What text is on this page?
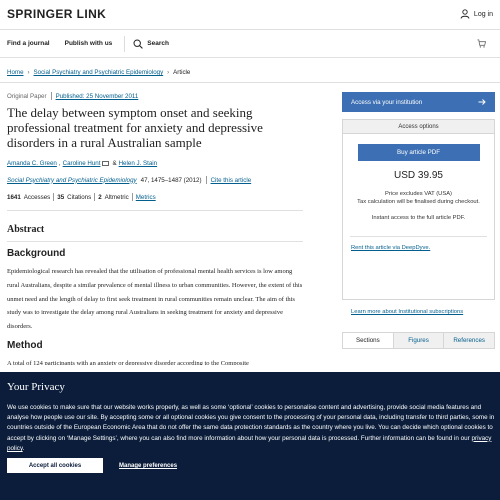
SPRINGER LINK	Log in
Find a journal Publish with us	Search
Home › Social Psychiatry and Psychiatric Epidemiology › Article
Original Paper Published: 25 November 2011
The delay between symptom onset and seeking professional treatment for anxiety and depressive disorders in a rural Australian sample
Amanda C. Green , Caroline Hunt & Helen J. Stain
Social Psychiatry and Psychiatric Epidemiology 47, 1475–1487 (2012) Cite this article
1641 Accesses 35 Citations 2 Altmetric Metrics
Abstract
Background

Epidemiological research has revealed that the utilisation of professional mental health services is low among rural Australians, despite a similar prevalence of mental illness to urban communities. However, the extent of this unmet need and the length of delay to first seek treatment in rural communities remain unclear. The aim of this study was to investigate the delay among rural Australians in seeking treatment for anxiety and depressive disorders.

Method

A total of 124 participants with an anxiety or depressive disorder according to the Composite

Access via your institution
Access options
Buy article PDF
USD 39.95
Price excludes VAT (USA)
Tax calculation will be finalised during checkout.
Instant access to the full article PDF.
Rent this article via DeepDyve.
Learn more about Institutional subscriptions
Sections	Figures	References
Your Privacy
We use cookies to make sure that our website works properly, as well as some ‘optional’ cookies to personalise content and advertising, provide social media features and analyse how people use our site. By accepting some or all optional cookies you give consent to the processing of your personal data, including transfer to third parties, some in countries outside of the European Economic Area that do not offer the same data protection standards as the country where you live. You can decide which optional cookies to accept by clicking on ‘Manage Settings’, where you can also find more information about how your personal data is processed. Further information can be found in our privacy policy.
Accept all cookies	Manage preferences
